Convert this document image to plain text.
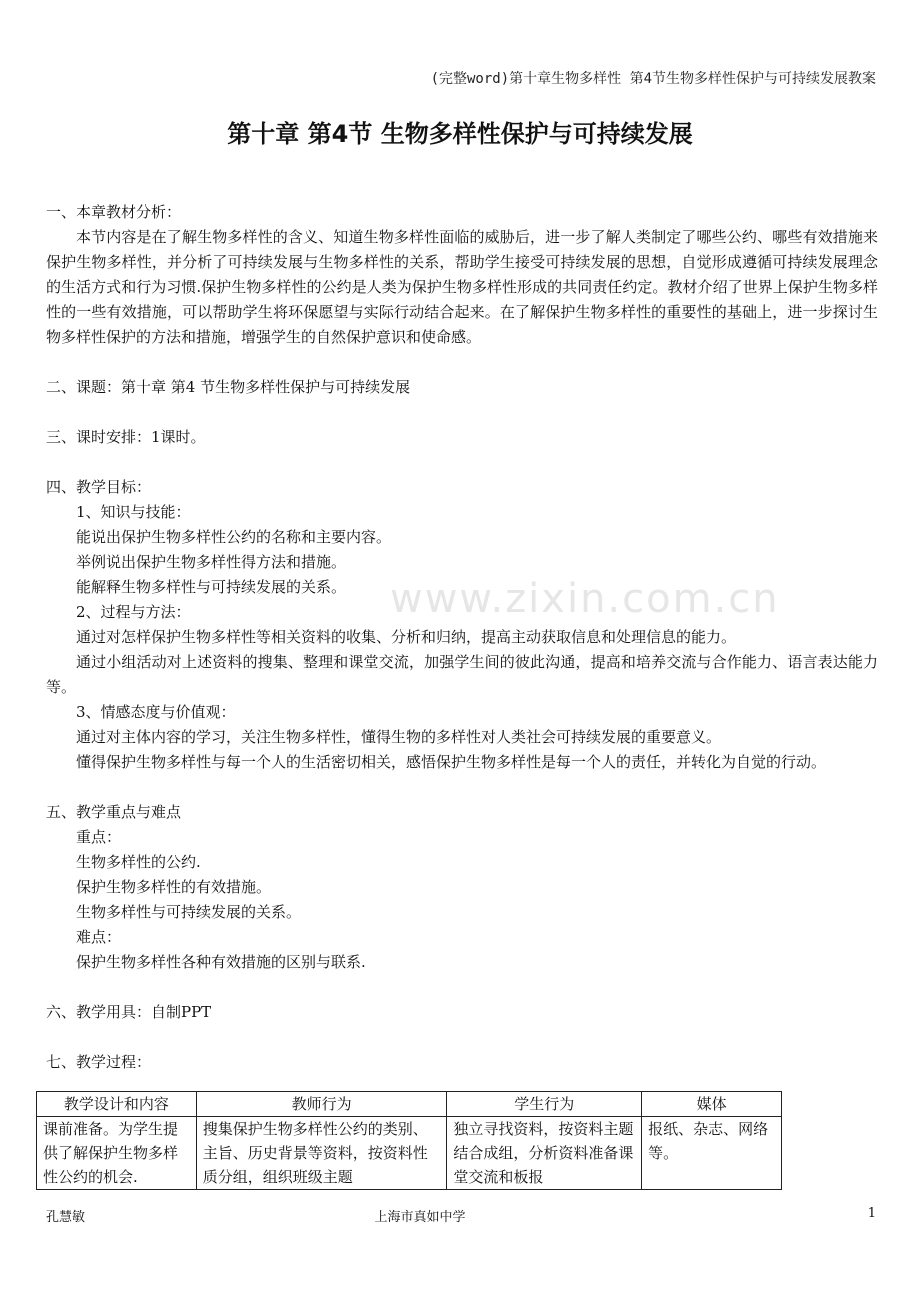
(完整word)第十章生物多样性 第4节生物多样性保护与可持续发展教案
第十章 第4节 生物多样性保护与可持续发展
www.zixin.com.cn

一、本章教材分析：

本节内容是在了解生物多样性的含义、知道生物多样性面临的威胁后，进一步了解人类制定了哪些公约、哪些有效措施来保护生物多样性，并分析了可持续发展与生物多样性的关系，帮助学生接受可持续发展的思想，自觉形成遵循可持续发展理念的生活方式和行为习惯.保护生物多样性的公约是人类为保护生物多样性形成的共同责任约定。教材介绍了世界上保护生物多样性的一些有效措施，可以帮助学生将环保愿望与实际行动结合起来。在了解保护生物多样性的重要性的基础上，进一步探讨生物多样性保护的方法和措施，增强学生的自然保护意识和使命感。

二、课题：第十章 第4 节生物多样性保护与可持续发展

三、课时安排：1课时。

四、教学目标：

1、知识与技能：

能说出保护生物多样性公约的名称和主要内容。

举例说出保护生物多样性得方法和措施。

能解释生物多样性与可持续发展的关系。

2、过程与方法：

通过对怎样保护生物多样性等相关资料的收集、分析和归纳，提高主动获取信息和处理信息的能力。

通过小组活动对上述资料的搜集、整理和课堂交流，加强学生间的彼此沟通，提高和培养交流与合作能力、语言表达能力等。

3、情感态度与价值观：

通过对主体内容的学习，关注生物多样性，懂得生物的多样性对人类社会可持续发展的重要意义。

懂得保护生物多样性与每一个人的生活密切相关，感悟保护生物多样性是每一个人的责任，并转化为自觉的行动。

五、教学重点与难点

重点：

生物多样性的公约.

保护生物多样性的有效措施。

生物多样性与可持续发展的关系。

难点：

保护生物多样性各种有效措施的区别与联系.

六、教学用具：自制PPT

七、教学过程：

教学设计和内容	教师行为	学生行为	媒体
课前准备。为学生提供了解保护生物多样性公约的机会.	搜集保护生物多样性公约的类别、主旨、历史背景等资料，按资料性质分组，组织班级主题	独立寻找资料，按资料主题结合成组，分析资料准备课堂交流和板报	报纸、杂志、网络等。
孔慧敏	上海市真如中学	1
